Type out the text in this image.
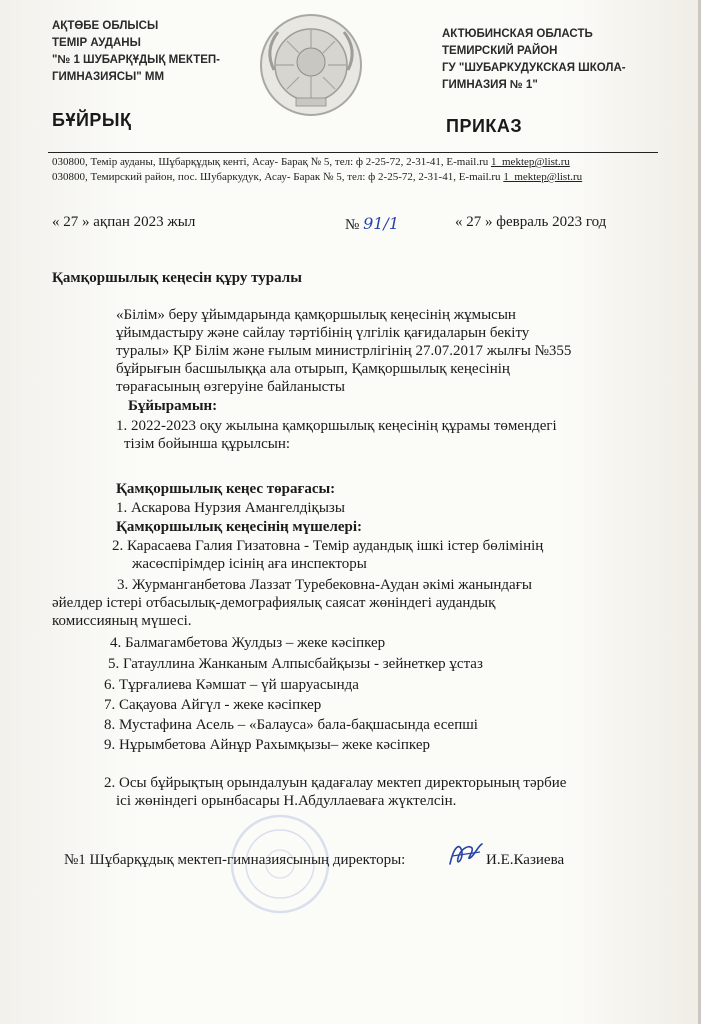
АҚТӨБЕ ОБЛЫСЫ
ТЕМІР АУДАНЫ
"№ 1 ШУБАРҚҰДЫҚ МЕКТЕП-
ГИМНАЗИЯСЫ" ММ
АКТЮБИНСКАЯ ОБЛАСТЬ
ТЕМИРСКИЙ РАЙОН
ГУ "ШУБАРКУДУКСКАЯ ШКОЛА-
ГИМНАЗИЯ № 1"
БҰЙРЫҚ	ПРИКАЗ
030800, Темір ауданы, Шұбарқұдық кенті, Асау- Барақ № 5, тел: ф 2-25-72, 2-31-41, E-mail.ru 1_mektep@list.ru
030800, Темирский район, пос. Шубаркудук, Асау- Барак № 5, тел: ф 2-25-72, 2-31-41, E-mail.ru 1_mektep@list.ru
« 27 » ақпан 2023 жыл	№ 91/1	« 27 » февраль 2023 год
Қамқоршылық кеңесін құру туралы
«Білім» беру ұйымдарында қамқоршылық кеңесінің жұмысын
ұйымдастыру және сайлау тәртібінің үлгілік қағидаларын бекіту
туралы» ҚР Білім және ғылым министрлігінің 27.07.2017 жылғы №355
бұйрығын басшылыққа ала отырып, Қамқоршылық кеңесінің
төрағасының өзгеруіне байланысты
Бұйырамын:
1. 2022-2023 оқу жылына қамқоршылық кеңесінің құрамы төмендегі
тізім бойынша құрылсын:
Қамқоршылық кеңес төрағасы:
1. Аскарова Нурзия Амангелдіқызы
Қамқоршылық кеңесінің мүшелері:
2. Карасаева Галия Гизатовна - Темір аудандық ішкі істер бөлімінің
жасөспірімдер ісінің аға инспекторы
3. Журманганбетова Лаззат Туребековна-Аудан әкімі жанындағы
әйелдер істері отбасылық-демографиялық саясат жөніндегі аудандық
комиссияның мүшесі.
4. Балмагамбетова Жулдыз – жеке кәсіпкер
5. Гатауллина Жанканым Алпысбайқызы - зейнеткер ұстаз
6. Тұрғалиева Кәмшат – үй шаруасында
7. Сақауова Айгүл - жеке кәсіпкер
8. Мустафина Асель – «Балауса» бала-бақшасында есепші
9. Нұрымбетова Айнұр Рахымқызы– жеке кәсіпкер
2. Осы бұйрықтың орындалуын қадағалау мектеп директорының тәрбие
ісі жөніндегі орынбасары Н.Абдуллаеваға жүктелсін.
№1 Шұбарқұдық мектеп-гимназиясының директоры:	И.Е.Казиева
